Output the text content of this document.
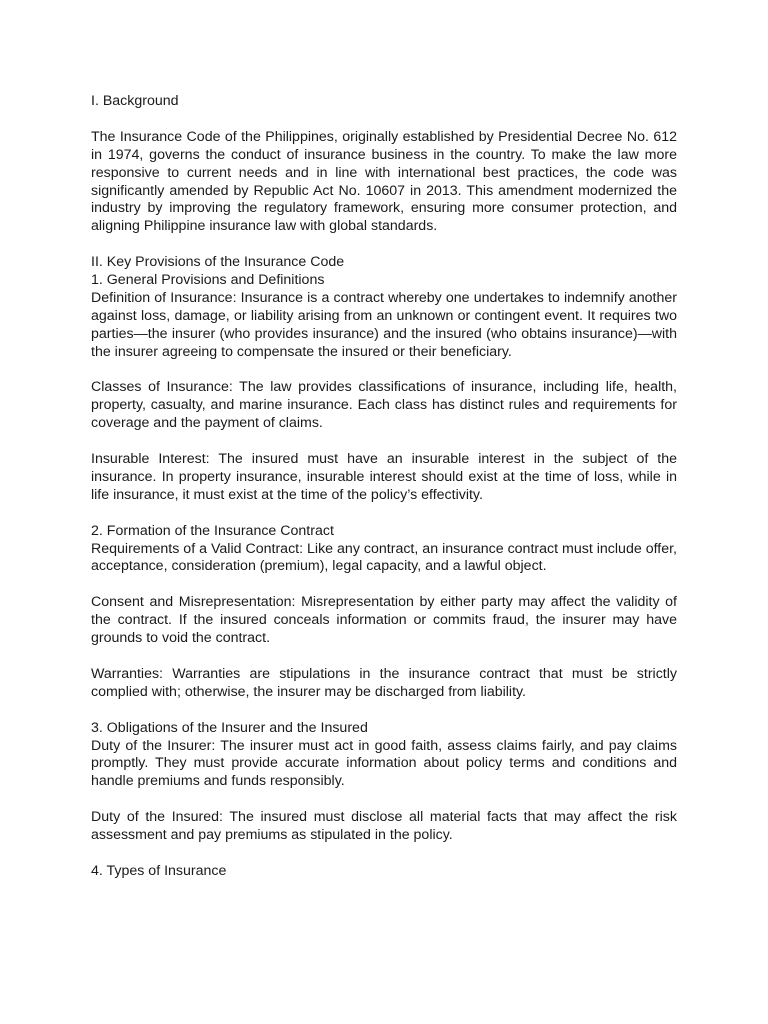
I. Background

The Insurance Code of the Philippines, originally established by Presidential Decree No. 612 in 1974, governs the conduct of insurance business in the country. To make the law more responsive to current needs and in line with international best practices, the code was significantly amended by Republic Act No. 10607 in 2013. This amendment modernized the industry by improving the regulatory framework, ensuring more consumer protection, and aligning Philippine insurance law with global standards.

II. Key Provisions of the Insurance Code

1. General Provisions and Definitions

Definition of Insurance: Insurance is a contract whereby one undertakes to indemnify another against loss, damage, or liability arising from an unknown or contingent event. It requires two parties—the insurer (who provides insurance) and the insured (who obtains insurance)—with the insurer agreeing to compensate the insured or their beneficiary.

Classes of Insurance: The law provides classifications of insurance, including life, health, property, casualty, and marine insurance. Each class has distinct rules and requirements for coverage and the payment of claims.

Insurable Interest: The insured must have an insurable interest in the subject of the insurance. In property insurance, insurable interest should exist at the time of loss, while in life insurance, it must exist at the time of the policy’s effectivity.

2. Formation of the Insurance Contract

Requirements of a Valid Contract: Like any contract, an insurance contract must include offer, acceptance, consideration (premium), legal capacity, and a lawful object.

Consent and Misrepresentation: Misrepresentation by either party may affect the validity of the contract. If the insured conceals information or commits fraud, the insurer may have grounds to void the contract.

Warranties: Warranties are stipulations in the insurance contract that must be strictly complied with; otherwise, the insurer may be discharged from liability.

3. Obligations of the Insurer and the Insured

Duty of the Insurer: The insurer must act in good faith, assess claims fairly, and pay claims promptly. They must provide accurate information about policy terms and conditions and handle premiums and funds responsibly.

Duty of the Insured: The insured must disclose all material facts that may affect the risk assessment and pay premiums as stipulated in the policy.

4. Types of Insurance
